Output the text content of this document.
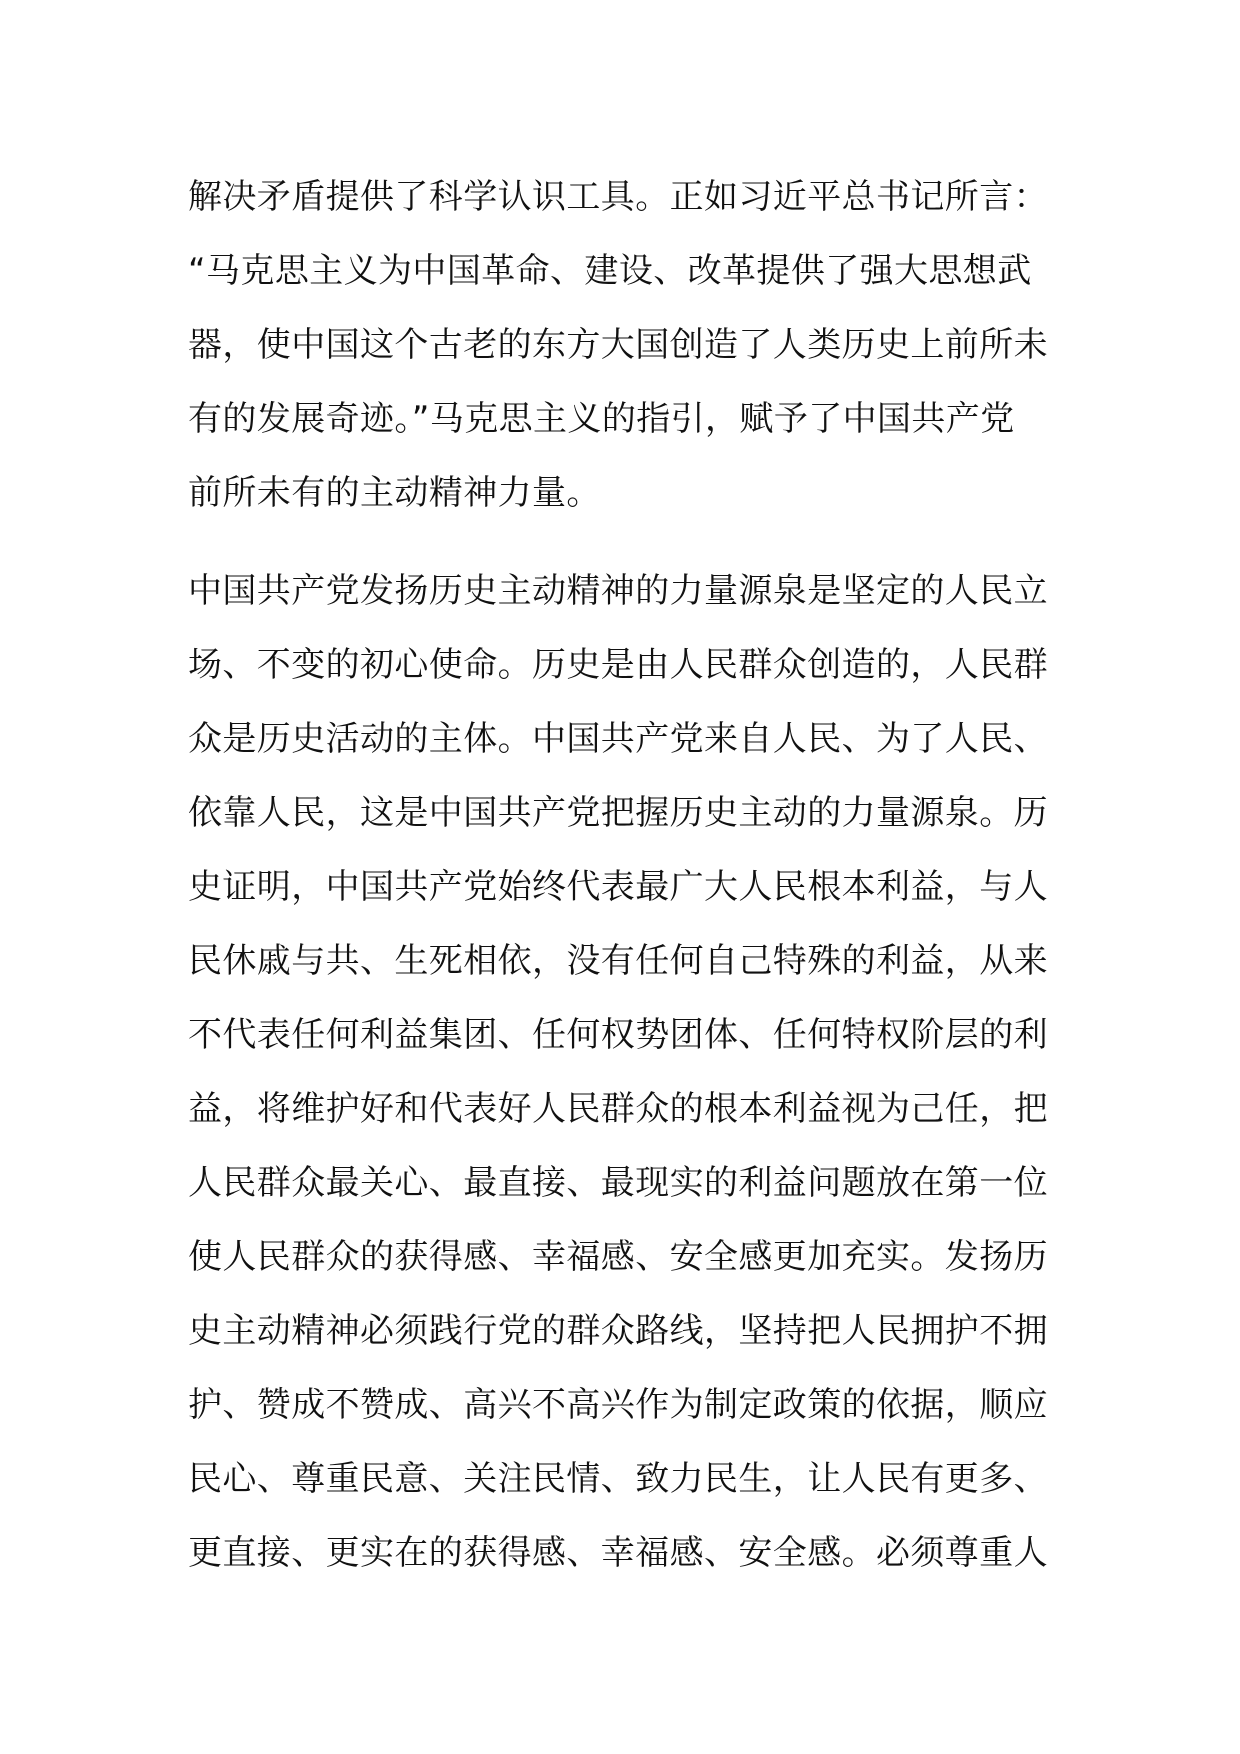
解决矛盾提供了科学认识工具。正如习近平总书记所言：
“马克思主义为中国革命、建设、改革提供了强大思想武
器，使中国这个古老的东方大国创造了人类历史上前所未
有的发展奇迹。”马克思主义的指引，赋予了中国共产党
前所未有的主动精神力量。
中国共产党发扬历史主动精神的力量源泉是坚定的人民立
场、不变的初心使命。历史是由人民群众创造的，人民群
众是历史活动的主体。中国共产党来自人民、为了人民、
依靠人民，这是中国共产党把握历史主动的力量源泉。历
史证明，中国共产党始终代表最广大人民根本利益，与人
民休戚与共、生死相依，没有任何自己特殊的利益，从来
不代表任何利益集团、任何权势团体、任何特权阶层的利
益，将维护好和代表好人民群众的根本利益视为己任，把
人民群众最关心、最直接、最现实的利益问题放在第一位
使人民群众的获得感、幸福感、安全感更加充实。发扬历
史主动精神必须践行党的群众路线，坚持把人民拥护不拥
护、赞成不赞成、高兴不高兴作为制定政策的依据，顺应
民心、尊重民意、关注民情、致力民生，让人民有更多、
更直接、更实在的获得感、幸福感、安全感。必须尊重人
